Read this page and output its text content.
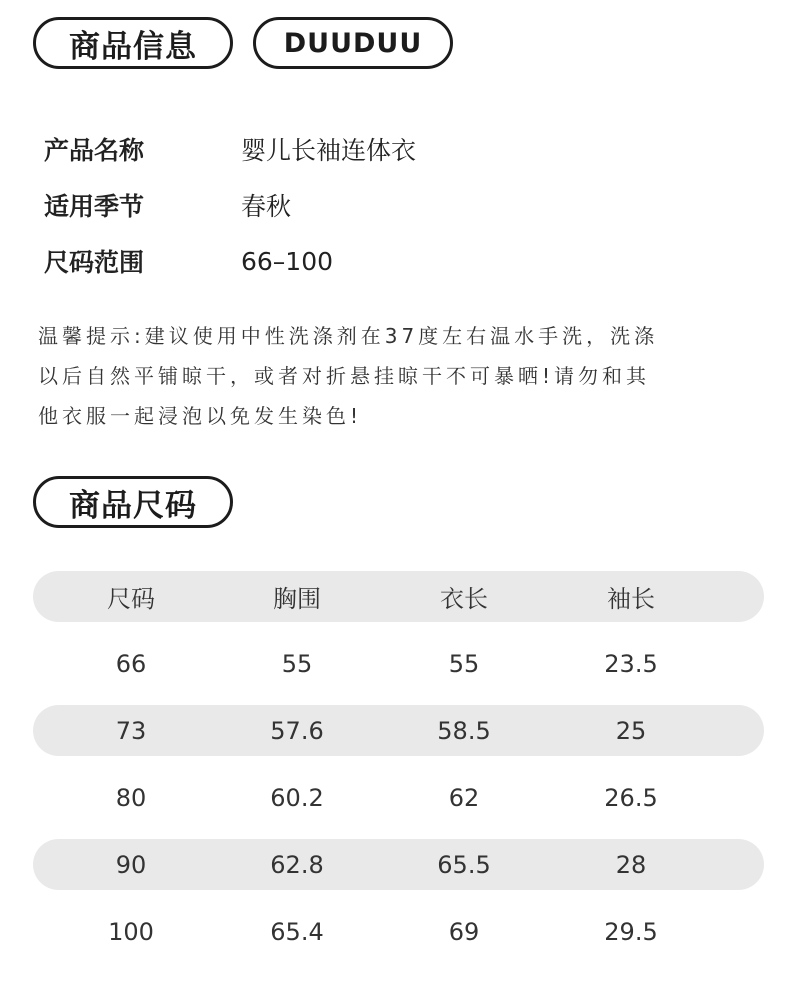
商品信息	DUUDUU
产品名称	婴儿长袖连体衣
适用季节	春秋
尺码范围	66–100
温馨提示:建议使用中性洗涤剂在37度左右温水手洗，洗涤
以后自然平铺晾干，或者对折悬挂晾干不可暴晒!请勿和其
他衣服一起浸泡以免发生染色!
商品尺码
尺码	胸围	衣长	袖长
66	55	55	23.5
73	57.6	58.5	25
80	60.2	62	26.5
90	62.8	65.5	28
100	65.4	69	29.5
